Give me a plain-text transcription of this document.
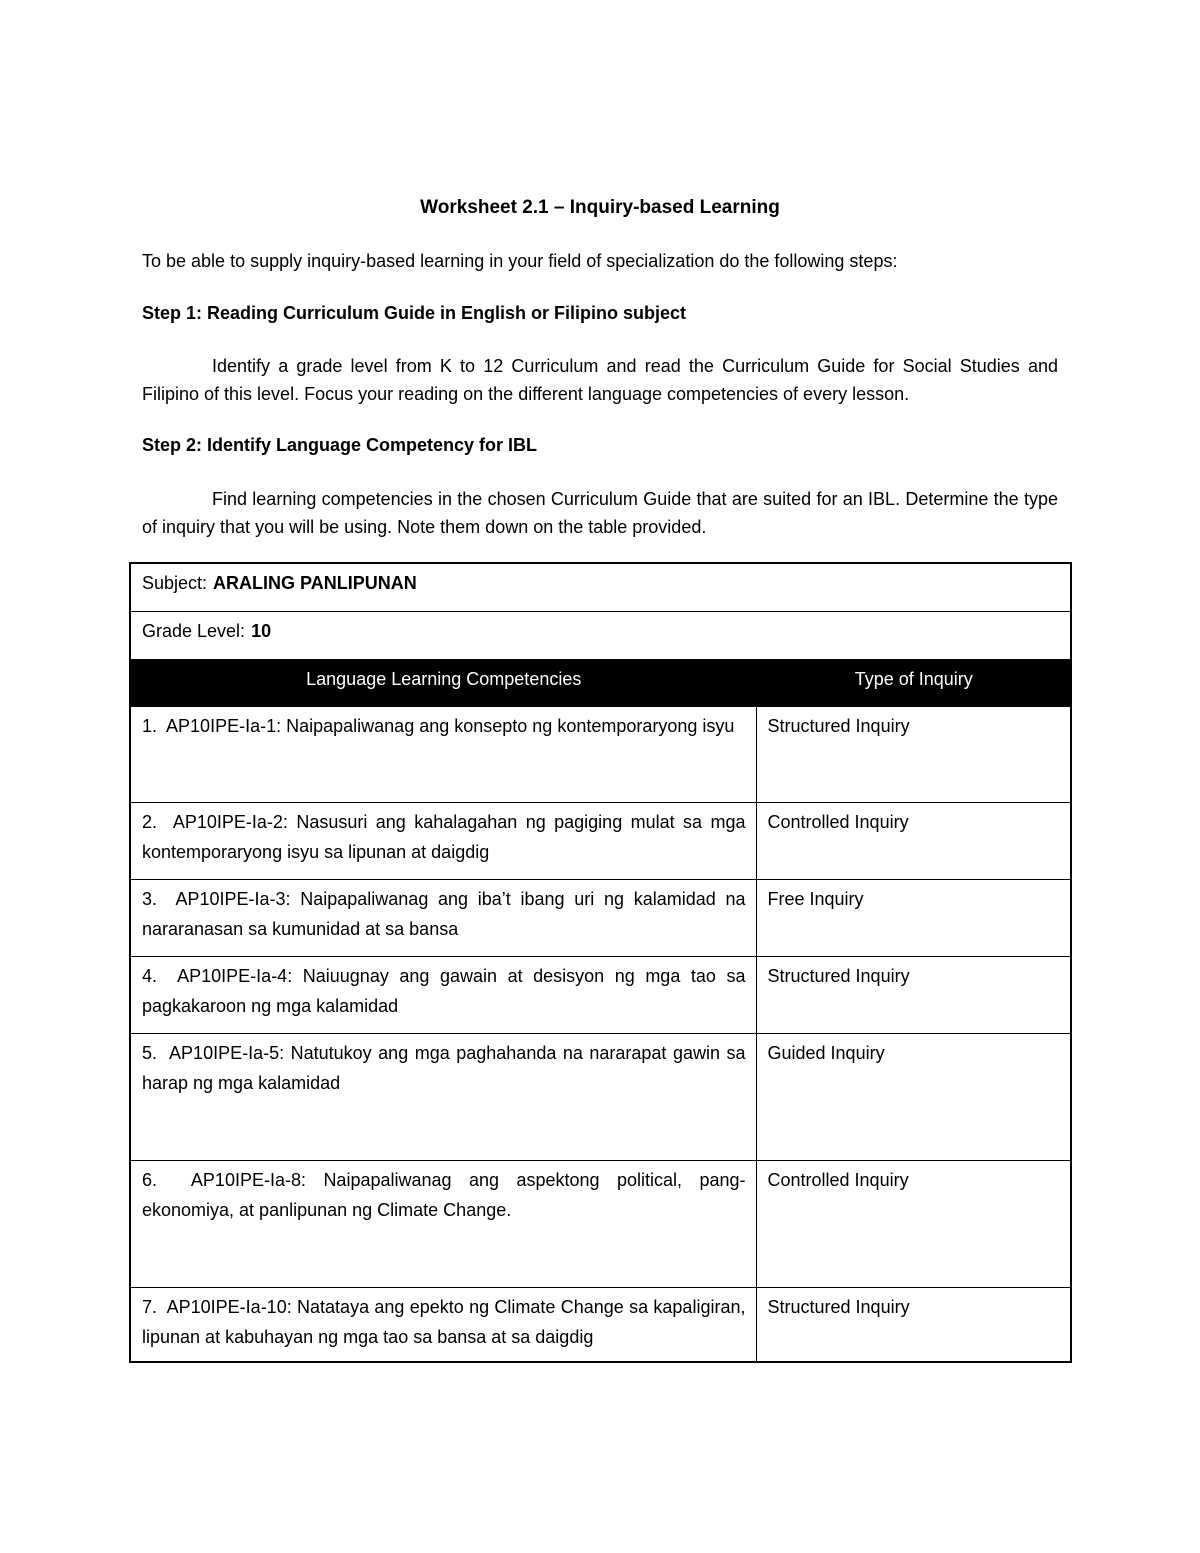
Worksheet 2.1 – Inquiry-based Learning
To be able to supply inquiry-based learning in your field of specialization do the following steps:
Step 1: Reading Curriculum Guide in English or Filipino subject
Identify a grade level from K to 12 Curriculum and read the Curriculum Guide for Social Studies and Filipino of this level. Focus your reading on the different language competencies of every lesson.
Step 2: Identify Language Competency for IBL
Find learning competencies in the chosen Curriculum Guide that are suited for an IBL. Determine the type of inquiry that you will be using. Note them down on the table provided.
Subject: ARALING PANLIPUNAN	
Grade Level: 10	
Language Learning Competencies	Type of Inquiry
1. AP10IPE-Ia-1: Naipapaliwanag ang konsepto ng kontemporaryong isyu	Structured Inquiry
2. AP10IPE-Ia-2: Nasusuri ang kahalagahan ng pagiging mulat sa mga kontemporaryong isyu sa lipunan at daigdig	Controlled Inquiry
3. AP10IPE-Ia-3: Naipapaliwanag ang iba’t ibang uri ng kalamidad na nararanasan sa kumunidad at sa bansa	Free Inquiry
4. AP10IPE-Ia-4: Naiuugnay ang gawain at desisyon ng mga tao sa pagkakaroon ng mga kalamidad	Structured Inquiry
5. AP10IPE-Ia-5: Natutukoy ang mga paghahanda na nararapat gawin sa harap ng mga kalamidad	Guided Inquiry
6. AP10IPE-Ia-8: Naipapaliwanag ang aspektong political, pang-ekonomiya, at panlipunan ng Climate Change.	Controlled Inquiry
7. AP10IPE-Ia-10: Natataya ang epekto ng Climate Change sa kapaligiran, lipunan at kabuhayan ng mga tao sa bansa at sa daigdig	Structured Inquiry
